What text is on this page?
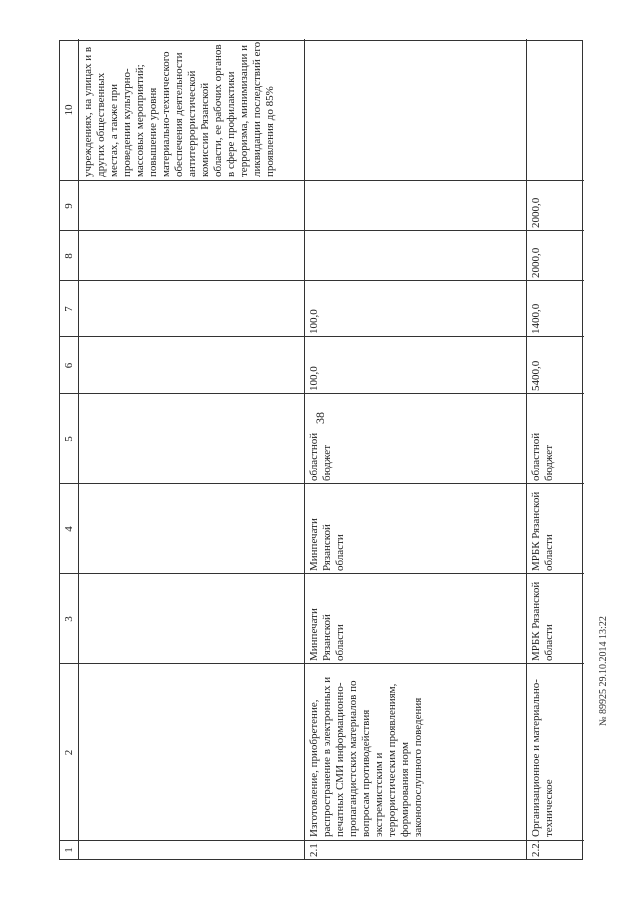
38
1
2
3
4
5
6
7
8
9
10
учреждениях, на улицах и в других общественных местах, а также при проведении культурно-массовых мероприятий;
повышение уровня материально-технического обеспечения деятельности антитеррористической комиссии Рязанской области, ее рабочих органов в сфере профилактики терроризма, минимизации и ликвидации последствий его проявления до 85%
2.1
Изготовление, приобретение, распространение в электронных и печатных СМИ информационно-пропагандистских материалов по вопросам противодействия экстремистским и террористическим проявлениям, формирования норм законопослушного поведения
Минпечати Рязанской области
Минпечати Рязанской области
областной бюджет
100,0
100,0
2.2.
Организационное и материально-техническое
МРБК Рязанской области
МРБК Рязанской области
областной бюджет
5400,0
1400,0
2000,0
2000,0
№ 89925 29.10.2014 13:22
